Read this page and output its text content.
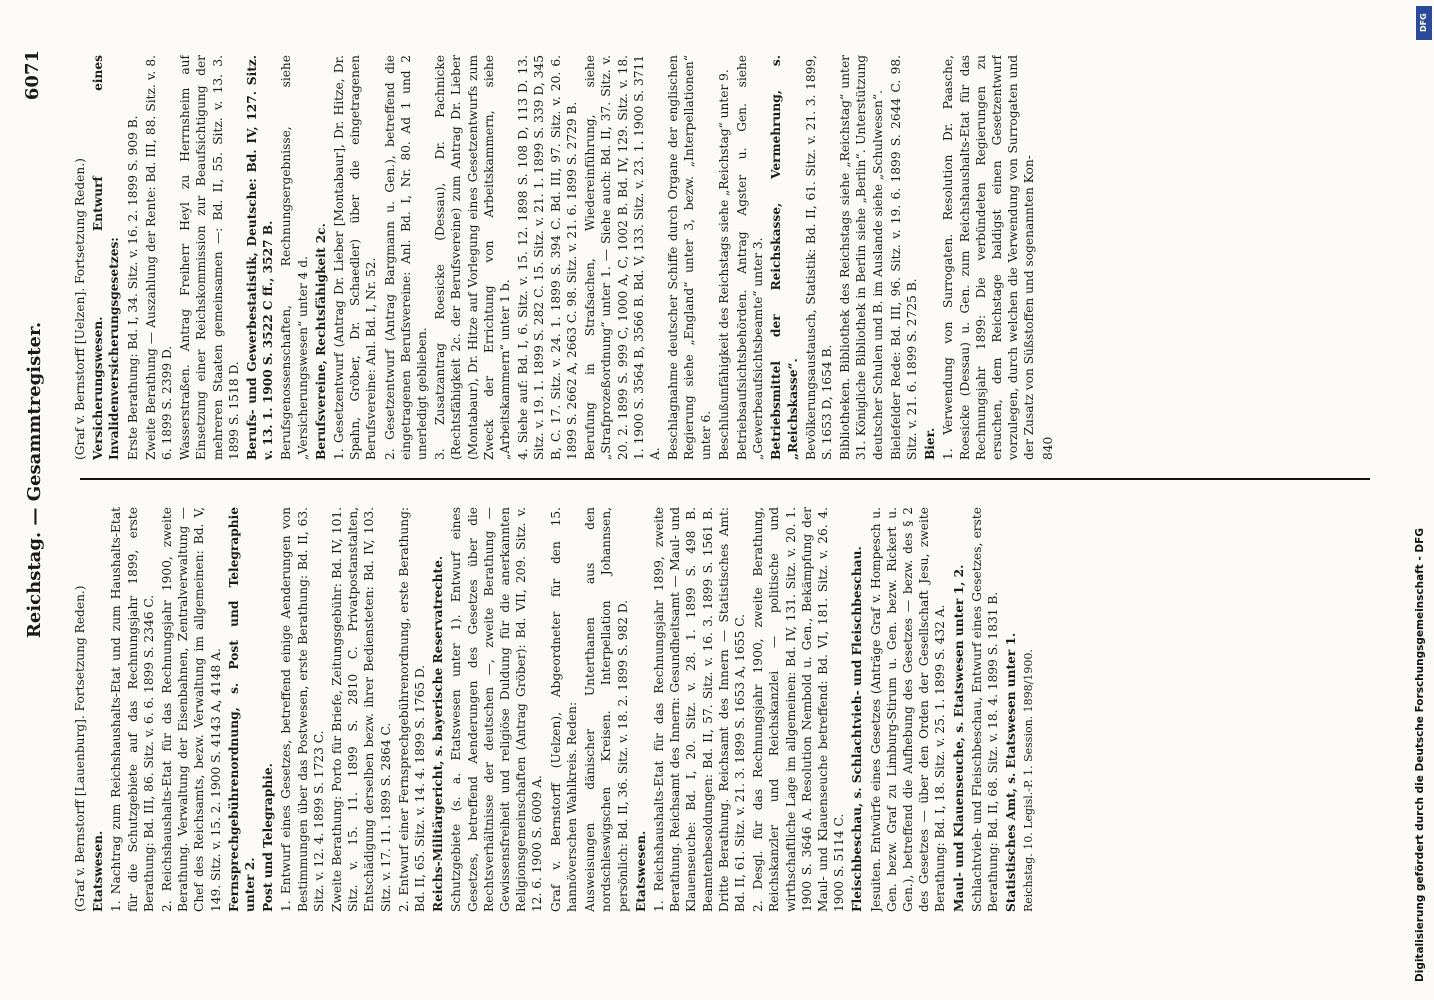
Reichstag. — Gesammtregister.
6071

(Graf v. Bernstorff [Lauenburg]. Fortsetzung Reden.) Etatswesen. 1. Nachtrag zum Reichshaushalts-Etat und zum Haushalts-Etat für die Schutzgebiete auf das Rechnungsjahr 1899, erste Berathung: Bd. III, 86. Sitz. v. 6. 6. 1899 S. 2346 C. 2. Reichshaushalts-Etat für das Rechnungsjahr 1900, zweite Berathung. Verwaltung der Eisenbahnen, Zentralverwaltung — Chef des Reichsamts, bezw. Verwaltung im allgemeinen: Bd. V, 149. Sitz. v. 15. 2. 1900 S. 4143 A, 4148 A. Fernsprechgebührenordnung, s. Post und Telegraphie unter 2. Post und Telegraphie. 1. Entwurf eines Gesetzes, betreffend einige Aenderungen von Bestimmungen über das Postwesen, erste Berathung: Bd. II, 63. Sitz. v. 12. 4. 1899 S. 1723 C. Zweite Berathung: Porto für Briefe, Zeitungsgebühr: Bd. IV, 101. Sitz. v. 15. 11. 1899 S. 2810 C. Privatpostanstalten, Entschädigung derselben bezw. ihrer Bediensteten: Bd. IV, 103. Sitz. v. 17. 11. 1899 S. 2864 C. 2. Entwurf einer Fernsprechgebührenordnung, erste Berathung: Bd. II, 65. Sitz. v. 14. 4. 1899 S. 1765 D. Reichs-Militärgericht, s. bayerische Reservatrechte. Schutzgebiete (s. a. Etatswesen unter 1). Entwurf eines Gesetzes, betreffend Aenderungen des Gesetzes über die Rechtsverhältnisse der deutschen —, zweite Berathung — Gewissensfreiheit und religiöse Duldung für die anerkannten Religionsgemeinschaften (Antrag Gröber): Bd. VII, 209. Sitz. v. 12. 6. 1900 S. 6009 A. Graf v. Bernstorff (Uelzen), Abgeordneter für den 15. hannöverschen Wahlkreis. Reden: Ausweisungen dänischer Unterthanen aus den nordschleswigschen Kreisen. Interpellation Johannsen, persönlich: Bd. II, 36. Sitz. v. 18. 2. 1899 S. 982 D. Etatswesen. 1. Reichshaushalts-Etat für das Rechnungsjahr 1899, zweite Berathung. Reichsamt des Innern: Gesundheitsamt — Maul- und Klauenseuche: Bd. I, 20. Sitz. v. 28. 1. 1899 S. 498 B. Beamtenbesoldungen: Bd. II, 57. Sitz. v. 16. 3. 1899 S. 1561 B. Dritte Berathung. Reichsamt des Innern — Statistisches Amt: Bd. II, 61. Sitz. v. 21. 3. 1899 S. 1653 A, 1655 C. 2. Desgl. für das Rechnungsjahr 1900, zweite Berathung, Reichskanzler und Reichskanzlei — politische und wirthschaftliche Lage im allgemeinen: Bd. IV, 131. Sitz. v. 20. 1. 1900 S. 3646 A. Resolution Nembold u. Gen., Bekämpfung der Maul- und Klauenseuche betreffend: Bd. VI, 181. Sitz. v. 26. 4. 1900 S. 5114 C. Fleischbeschau, s. Schlachtvieh- und Fleischbeschau. Jesuiten. Entwürfe eines Gesetzes (Anträge Graf v. Hompesch u. Gen. bezw. Graf zu Limburg-Stirum u. Gen. bezw. Rickert u. Gen.), betreffend die Aufhebung des Gesetzes — bezw. des § 2 des Gesetzes — über den Orden der Gesellschaft Jesu, zweite Berathung: Bd. I, 18. Sitz. v. 25. 1. 1899 S. 432 A. Maul- und Klauenseuche, s. Etatswesen unter 1, 2. Schlachtvieh- und Fleischbeschau, Entwurf eines Gesetzes, erste Berathung: Bd. II, 68. Sitz. v. 18. 4. 1899 S. 1831 B. Statistisches Amt, s. Etatswesen unter 1. Reichstag. 10. Legisl.-P. 1. Session. 1898/1900.

(Graf v. Bernstorff [Uelzen]. Fortsetzung Reden.) Versicherungswesen. Entwurf eines Invalidenversicherungsgesetzes: Erste Berathung: Bd. I, 34. Sitz. v. 16. 2. 1899 S. 909 B. Zweite Berathung — Auszahlung der Rente: Bd. III, 88. Sitz. v. 8. 6. 1899 S. 2399 D. Wasserstraßen. Antrag Freiherr Heyl zu Herrnsheim auf Einsetzung einer Reichskommission zur Beaufsichtigung der mehreren Staaten gemeinsamen —: Bd. II, 55. Sitz. v. 13. 3. 1899 S. 1518 D. Berufs- und Gewerbestatistik, Deutsche: Bd. IV, 127. Sitz. v. 13. 1. 1900 S. 3522 C ff., 3527 B. Berufsgenossenschaften, Rechnungsergebnisse, siehe „Versicherungswesen“ unter 4 d. Berufsvereine, Rechtsfähigkeit 2c. 1. Gesetzentwurf (Antrag Dr. Lieber [Montabaur], Dr. Hitze, Dr. Spahn, Gröber, Dr. Schaedler) über die eingetragenen Berufsvereine: Anl. Bd. I, Nr. 52. 2. Gesetzentwurf (Antrag Bargmann u. Gen.), betreffend die eingetragenen Berufsvereine: Anl. Bd. I, Nr. 80. Ad 1 und 2 unerledigt geblieben. 3. Zusatzantrag Roesicke (Dessau), Dr. Pachnicke (Rechtsfähigkeit 2c. der Berufsvereine) zum Antrag Dr. Lieber (Montabaur), Dr. Hitze auf Vorlegung eines Gesetzentwurfs zum Zweck der Errichtung von Arbeitskammern, siehe „Arbeitskammern“ unter 1 b. 4. Siehe auf: Bd. I, 6. Sitz. v. 15. 12. 1898 S. 108 D, 113 D. 13. Sitz. v. 19. 1. 1899 S. 282 C. 15. Sitz. v. 21. 1. 1899 S. 339 D, 345 B, C. 17. Sitz. v. 24. 1. 1899 S. 394 C. Bd. III, 97. Sitz. v. 20. 6. 1899 S. 2662 A, 2663 C. 98. Sitz. v. 21. 6. 1899 S. 2729 B. Berufung in Strafsachen, Wiedereinführung, siehe „Strafprozeßordnung“ unter 1. — Siehe auch: Bd. II, 37. Sitz. v. 20. 2. 1899 S. 999 C, 1000 A, C, 1002 B. Bd. IV, 129. Sitz. v. 18. 1. 1900 S. 3564 B, 3566 B. Bd. V, 133. Sitz. v. 23. 1. 1900 S. 3711 A. Beschlagnahme deutscher Schiffe durch Organe der englischen Regierung siehe „England“ unter 3, bezw. „Interpellationen“ unter 6. Beschlußunfähigkeit des Reichstags siehe „Reichstag“ unter 9. Betriebsaufsichtsbehörden. Antrag Agster u. Gen. siehe „Gewerbeaufsichtsbeamte“ unter 3. Betriebsmittel der Reichskasse, Vermehrung, s. „Reichskasse“. Bevölkerungsaustausch, Statistik: Bd. II, 61. Sitz. v. 21. 3. 1899, S. 1653 D, 1654 B. Bibliotheken. Bibliothek des Reichstags siehe „Reichstag“ unter 31. Königliche Bibliothek in Berlin siehe „Berlin“. Unterstützung deutscher Schulen und B. im Auslande siehe „Schulwesen“. Bielefelder Rede: Bd. III, 96. Sitz. v. 19. 6. 1899 S. 2644 C. 98. Sitz. v. 21. 6. 1899 S. 2725 B. Bier. 1. Verwendung von Surrogaten. Resolution Dr. Paasche, Roesicke (Dessau) u. Gen. zum Reichshaushalts-Etat für das Rechnungsjahr 1899: Die verbündeten Regierungen zu ersuchen, dem Reichstage baldigst einen Gesetzentwurf vorzulegen, durch welchen die Verwendung von Surrogaten und der Zusatz von Süßstoffen und sogenannten Kon- 840

Digitalisierung gefördert durch die Deutsche Forschungsgemeinschaft - DFG
DFG
